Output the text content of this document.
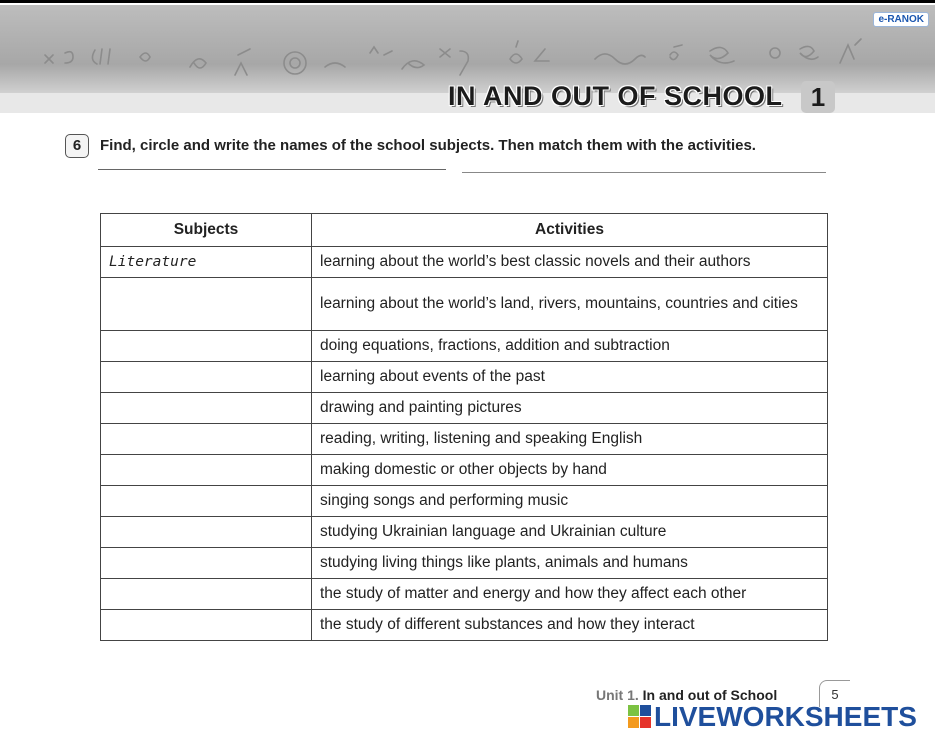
e-RANOK
IN AND OUT OF SCHOOL	1
6	Find, circle and write the names of the school subjects. Then match them with the activities.
Subjects	Activities
Literature	learning about the world’s best classic novels and their authors
	learning about the world’s land, rivers, mountains, countries and cities
	doing equations, fractions, addition and subtraction
	learning about events of the past
	drawing and painting pictures
	reading, writing, listening and speaking English
	making domestic or other objects by hand
	singing songs and performing music
	studying Ukrainian language and Ukrainian culture
	studying living things like plants, animals and humans
	the study of matter and energy and how they affect each other
	the study of different substances and how they interact
Unit 1. In and out of School	5
LIVEWORKSHEETS
